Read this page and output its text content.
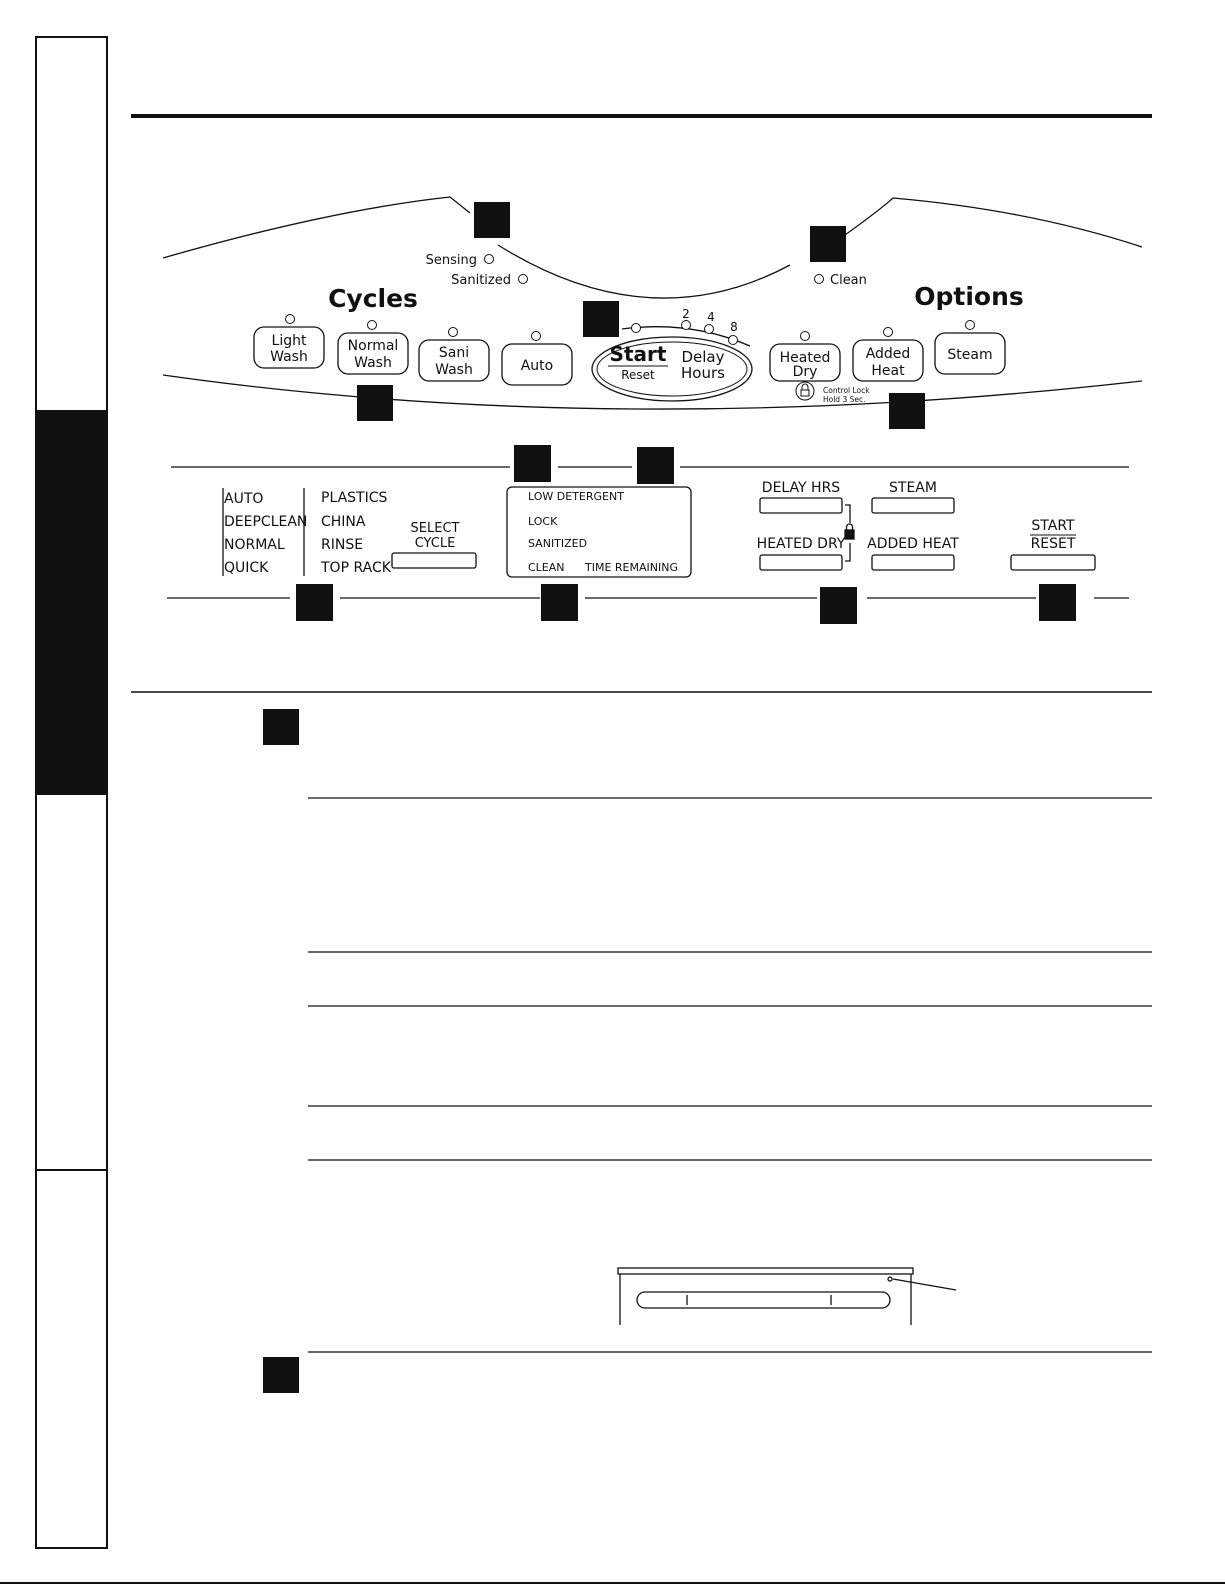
Sensing
Sanitized	Clean
Cycles	Options
Light
Wash
Normal
Wash
Sani
Wash	Auto
2 4
8
Start
Reset
Delay
Hours
Heated
Dry
Control Lock
Hold 3 Sec.
Added
Heat
Steam
AUTO
DEEPCLEAN
NORMAL
QUICK
PLASTICS
CHINA
RINSE
TOP RACK
SELECT
CYCLE
LOW DETERGENT
LOCK
SANITIZED
CLEAN TIME REMAINING
DELAY HRS	STEAM
HEATED DRY ADDED HEAT
START
RESET
